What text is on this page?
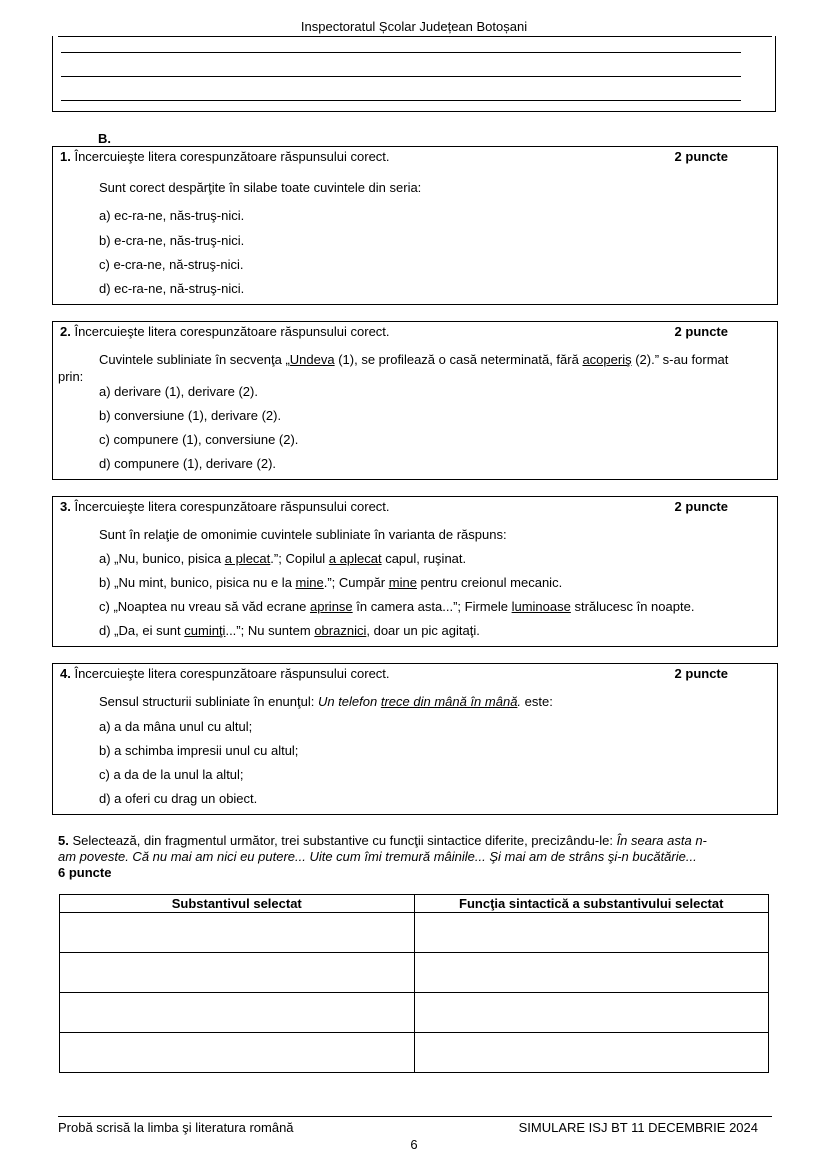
Inspectoratul Școlar Județean Botoșani
B.
1. Încercuieşte litera corespunzătoare răspunsului corect.	2 puncte
Sunt corect despărţite în silabe toate cuvintele din seria:
a) ec-ra-ne, năs-truş-nici.
b) e-cra-ne, năs-truş-nici.
c) e-cra-ne, nă-struş-nici.
d) ec-ra-ne, nă-struş-nici.
2. Încercuieşte litera corespunzătoare răspunsului corect.	2 puncte
Cuvintele subliniate în secvenţa „Undeva (1), se profilează o casă neterminată, fără acoperiş (2).” s-au format
prin:
a) derivare (1), derivare (2).
b) conversiune (1), derivare (2).
c) compunere (1), conversiune (2).
d) compunere (1), derivare (2).
3. Încercuieşte litera corespunzătoare răspunsului corect.	2 puncte
Sunt în relaţie de omonimie cuvintele subliniate în varianta de răspuns:
a) „Nu, bunico, pisica a plecat.”; Copilul a aplecat capul, ruşinat.
b) „Nu mint, bunico, pisica nu e la mine.”; Cumpăr mine pentru creionul mecanic.
c) „Noaptea nu vreau să văd ecrane aprinse în camera asta...”; Firmele luminoase strălucesc în noapte.
d) „Da, ei sunt cuminţi...”; Nu suntem obraznici, doar un pic agitaţi.
4. Încercuieşte litera corespunzătoare răspunsului corect.	2 puncte
Sensul structurii subliniate în enunţul: Un telefon trece din mână în mână. este:
a) a da mâna unul cu altul;
b) a schimba impresii unul cu altul;
c) a da de la unul la altul;
d) a oferi cu drag un obiect.
5. Selectează, din fragmentul următor, trei substantive cu funcţii sintactice diferite, precizându-le: În seara asta n-
am poveste. Că nu mai am nici eu putere... Uite cum îmi tremură mâinile... Şi mai am de strâns şi-n bucătărie...
6 puncte
Substantivul selectat	Funcţia sintactică a substantivului selectat

Probă scrisă la limba şi literatura română	SIMULARE ISJ BT 11 DECEMBRIE 2024
6
